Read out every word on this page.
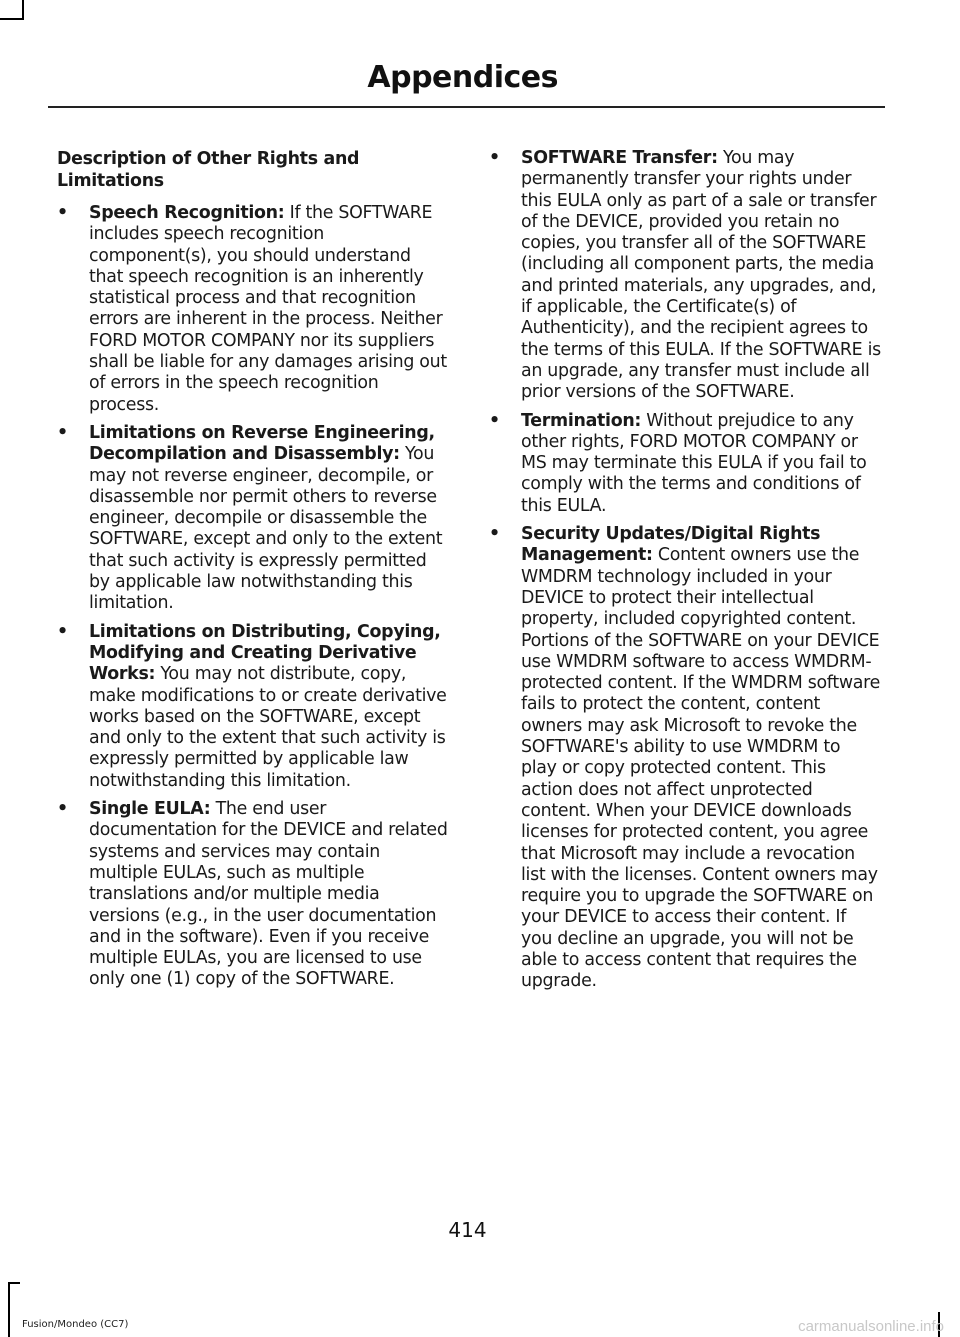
Appendices
Description of Other Rights and Limitations
• Speech Recognition: If the SOFTWARE includes speech recognition component(s), you should understand that speech recognition is an inherently statistical process and that recognition errors are inherent in the process. Neither FORD MOTOR COMPANY nor its suppliers shall be liable for any damages arising out of errors in the speech recognition process.
• Limitations on Reverse Engineering, Decompilation and Disassembly: You may not reverse engineer, decompile, or disassemble nor permit others to reverse engineer, decompile or disassemble the SOFTWARE, except and only to the extent that such activity is expressly permitted by applicable law notwithstanding this limitation.
• Limitations on Distributing, Copying, Modifying and Creating Derivative Works: You may not distribute, copy, make modifications to or create derivative works based on the SOFTWARE, except and only to the extent that such activity is expressly permitted by applicable law notwithstanding this limitation.
• Single EULA: The end user documentation for the DEVICE and related systems and services may contain multiple EULAs, such as multiple translations and/or multiple media versions (e.g., in the user documentation and in the software). Even if you receive multiple EULAs, you are licensed to use only one (1) copy of the SOFTWARE.
• SOFTWARE Transfer: You may permanently transfer your rights under this EULA only as part of a sale or transfer of the DEVICE, provided you retain no copies, you transfer all of the SOFTWARE (including all component parts, the media and printed materials, any upgrades, and, if applicable, the Certificate(s) of Authenticity), and the recipient agrees to the terms of this EULA. If the SOFTWARE is an upgrade, any transfer must include all prior versions of the SOFTWARE.
• Termination: Without prejudice to any other rights, FORD MOTOR COMPANY or MS may terminate this EULA if you fail to comply with the terms and conditions of this EULA.
• Security Updates/Digital Rights Management: Content owners use the WMDRM technology included in your DEVICE to protect their intellectual property, included copyrighted content. Portions of the SOFTWARE on your DEVICE use WMDRM software to access WMDRM-protected content. If the WMDRM software fails to protect the content, content owners may ask Microsoft to revoke the SOFTWARE's ability to use WMDRM to play or copy protected content. This action does not affect unprotected content. When your DEVICE downloads licenses for protected content, you agree that Microsoft may include a revocation list with the licenses. Content owners may require you to upgrade the SOFTWARE on your DEVICE to access their content. If you decline an upgrade, you will not be able to access content that requires the upgrade.
414
Fusion/Mondeo (CC7)	carmanualsonline.info
